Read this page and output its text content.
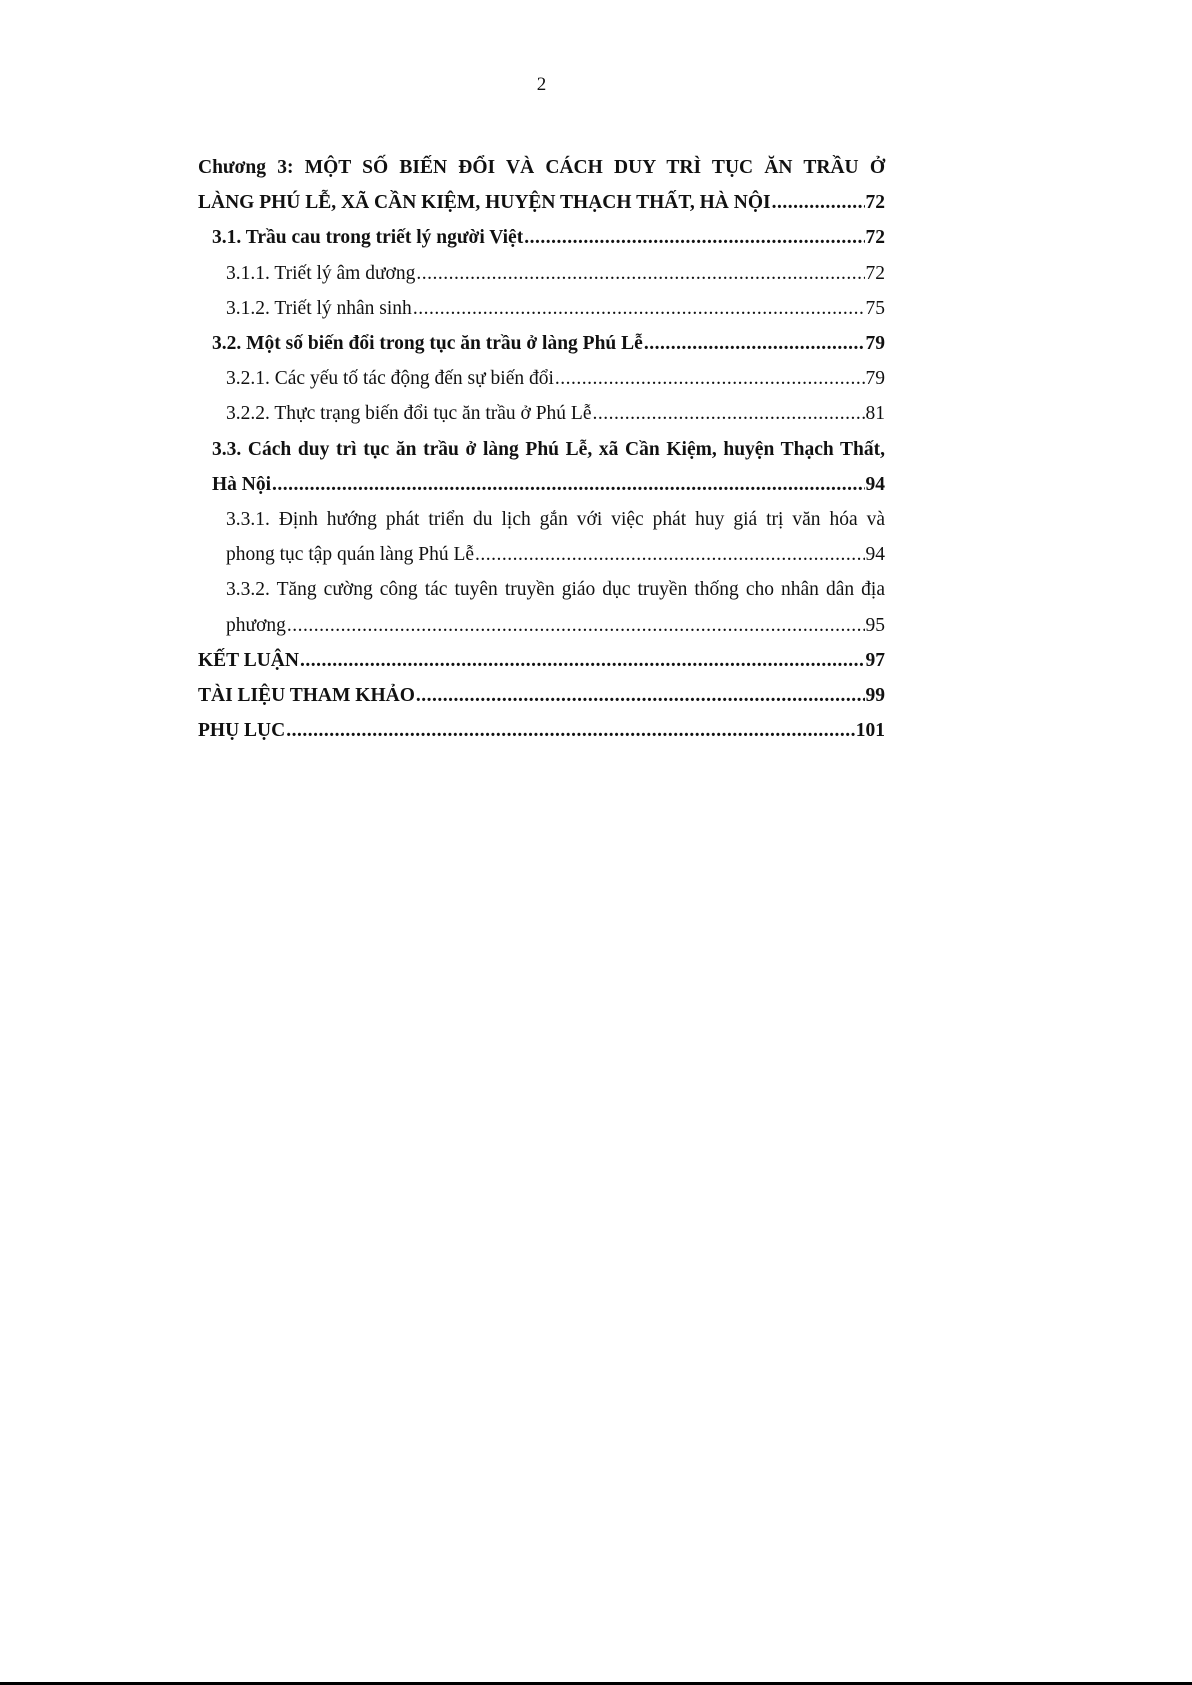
2
Chương 3: MỘT SỐ BIẾN ĐỔI VÀ CÁCH DUY TRÌ TỤC ĂN TRẦU Ở
LÀNG PHÚ LỄ, XÃ CẦN KIỆM, HUYỆN THẠCH THẤT, HÀ NỘI .....	72
3.1. Trầu cau trong triết lý người Việt .....	72
3.1.1. Triết lý âm dương .....	72
3.1.2. Triết lý nhân sinh .....	75
3.2. Một số biến đổi trong tục ăn trầu ở làng Phú Lễ .....	79
3.2.1. Các yếu tố tác động đến sự biến đổi .....	79
3.2.2. Thực trạng biến đổi tục ăn trầu ở Phú Lễ .....	81
3.3. Cách duy trì tục ăn trầu ở làng Phú Lễ, xã Cần Kiệm, huyện Thạch Thất,
Hà Nội .....	94
3.3.1. Định hướng phát triển du lịch gắn với việc phát huy giá trị văn hóa và
phong tục tập quán làng Phú Lễ .....	94
3.3.2. Tăng cường công tác tuyên truyền giáo dục truyền thống cho nhân dân địa
phương .....	95
KẾT LUẬN .....	97
TÀI LIỆU THAM KHẢO .....	99
PHỤ LỤC .....	101
